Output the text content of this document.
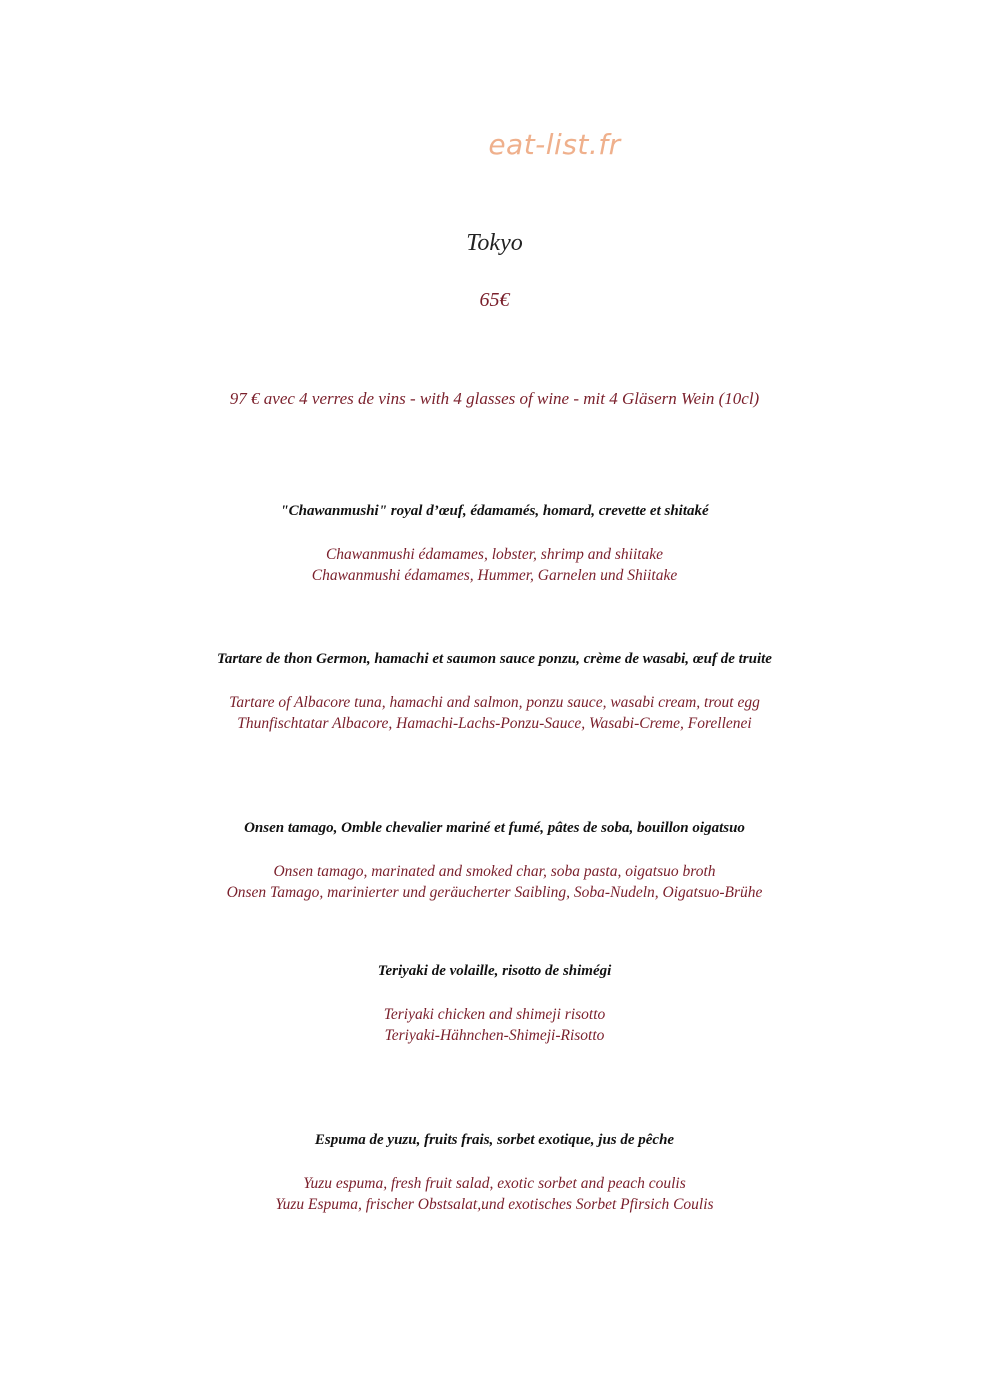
eat-list.fr
Tokyo
65€
97 € avec 4 verres de vins - with 4 glasses of wine - mit 4 Gläsern Wein (10cl)

"Chawanmushi" royal d’œuf, édamamés, homard, crevette et shitaké

Chawanmushi édamames, lobster, shrimp and shiitake

Chawanmushi édamames, Hummer, Garnelen und Shiitake

Tartare de thon Germon, hamachi et saumon sauce ponzu, crème de wasabi, œuf de truite

Tartare of Albacore tuna, hamachi and salmon, ponzu sauce, wasabi cream, trout egg

Thunfischtatar Albacore, Hamachi-Lachs-Ponzu-Sauce, Wasabi-Creme, Forellenei

Onsen tamago, Omble chevalier mariné et fumé, pâtes de soba, bouillon oigatsuo

Onsen tamago, marinated and smoked char, soba pasta, oigatsuo broth

Onsen Tamago, marinierter und geräucherter Saibling, Soba-Nudeln, Oigatsuo-Brühe

Teriyaki de volaille, risotto de shimégi

Teriyaki chicken and shimeji risotto

Teriyaki-Hähnchen-Shimeji-Risotto

Espuma de yuzu, fruits frais, sorbet exotique, jus de pêche

Yuzu espuma, fresh fruit salad, exotic sorbet and peach coulis

Yuzu Espuma, frischer Obstsalat,und exotisches Sorbet Pfirsich Coulis
